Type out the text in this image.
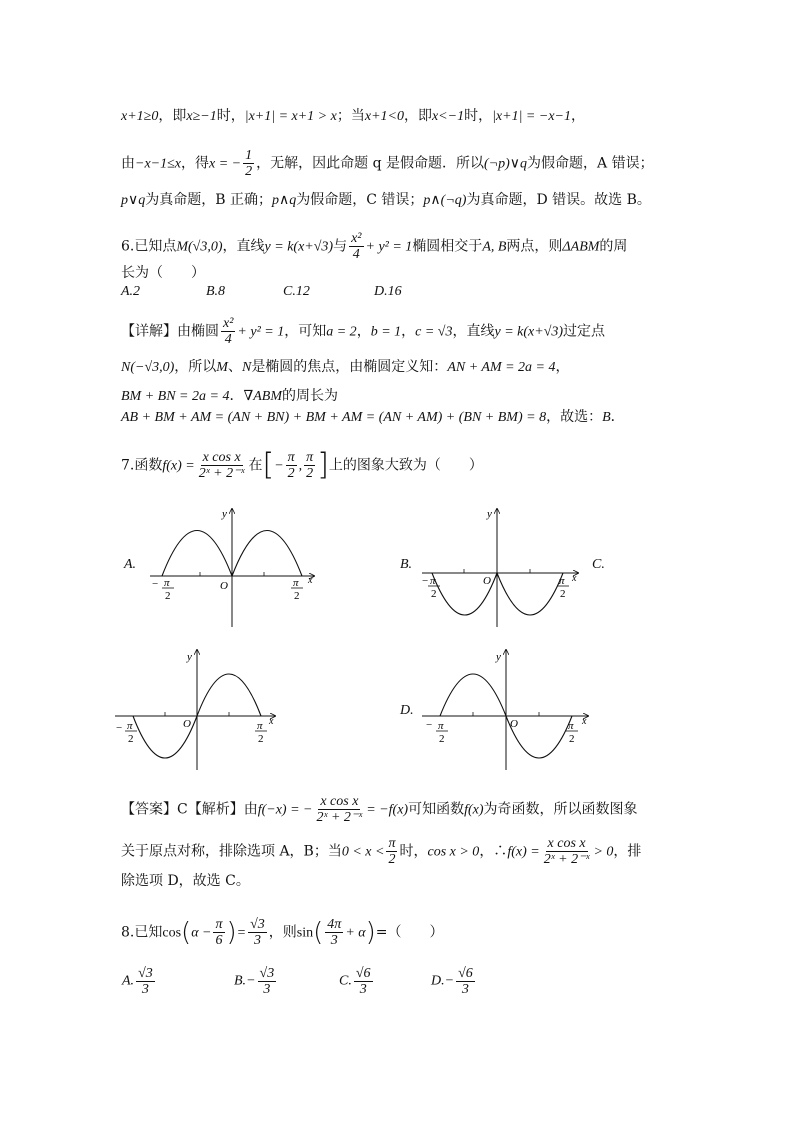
x+1≥0，即x≥−1时，|x+1| = x+1 > x；当x+1<0，即x<−1时，|x+1| = −x−1，
由−x−1≤x，得x = − $\frac{1}{2}$ ，无解，因此命题 q 是假命题．所以(¬p)∨q为假命题，A 错误；
p∨q为真命题，B 正确；p∧q为假命题，C 错误；p∧(¬q)为真命题，D 错误。故选 B。
6.已知点M(√3,0)，直线y = k(x+√3)与 $\frac{\text{x²}}{4} + y^2 = 1$椭圆相交于A, B两点，则ΔABM的周
长为（　　）
A.2	B.8	C.12	D.16
【详解】由椭圆 $\frac{\text{x²}}{4} + y^2 = 1$，可知a = 2，b = 1，c = √3，直线y = k(x+√3)过定点
N(−√3,0)，所以M、N是椭圆的焦点，由椭圆定义知：AN + AM = 2a = 4，
BM + BN = 2a = 4．∇ABM的周长为
AB + BM + AM = (AN + BN) + BM + AM = (AN + AM) + (BN + BM) = 8，故选：B．
7.函数$f(x) = \frac{\text{x cos x}}{\text{2ˣ + 2⁻ˣ}}$ 在[− $\frac{\pi}{2}$ , $\frac{\pi}{2}$ ]上的图象大致为（　　）
A.	B.	C.
D.
y
x
O
− π
2
π
2
y
x
O
− π
2
π
2
y
x
O
− π
2
π
2
y
x
O
− π
2
π
2
【答案】C【解析】由f(−x) = − $\frac{\text{x cos x}}{\text{2ˣ + 2⁻ˣ}} = -f(x)$可知函数f(x)为奇函数，所以函数图象
关于原点对称，排除选项 A，B；当$0 < x < \frac{\pi}{2}$ 时，cos x > 0，∴f(x) = $\frac{\text{x cos x}}{\text{2ˣ + 2⁻ˣ}} > 0$，排
除选项 D，故选 C。
8.已知$\cos(\alpha - \frac{\pi}{6}$ )= $\frac{√3}{3}$ ，则$\sin( \frac{4\pi}{3} + \alpha)=$（　　）
A. $\frac{√3}{3}$	$B.- \frac{√3}{3}$	C. $\frac{√6}{3}$	$D.- \frac{√6}{3}$
